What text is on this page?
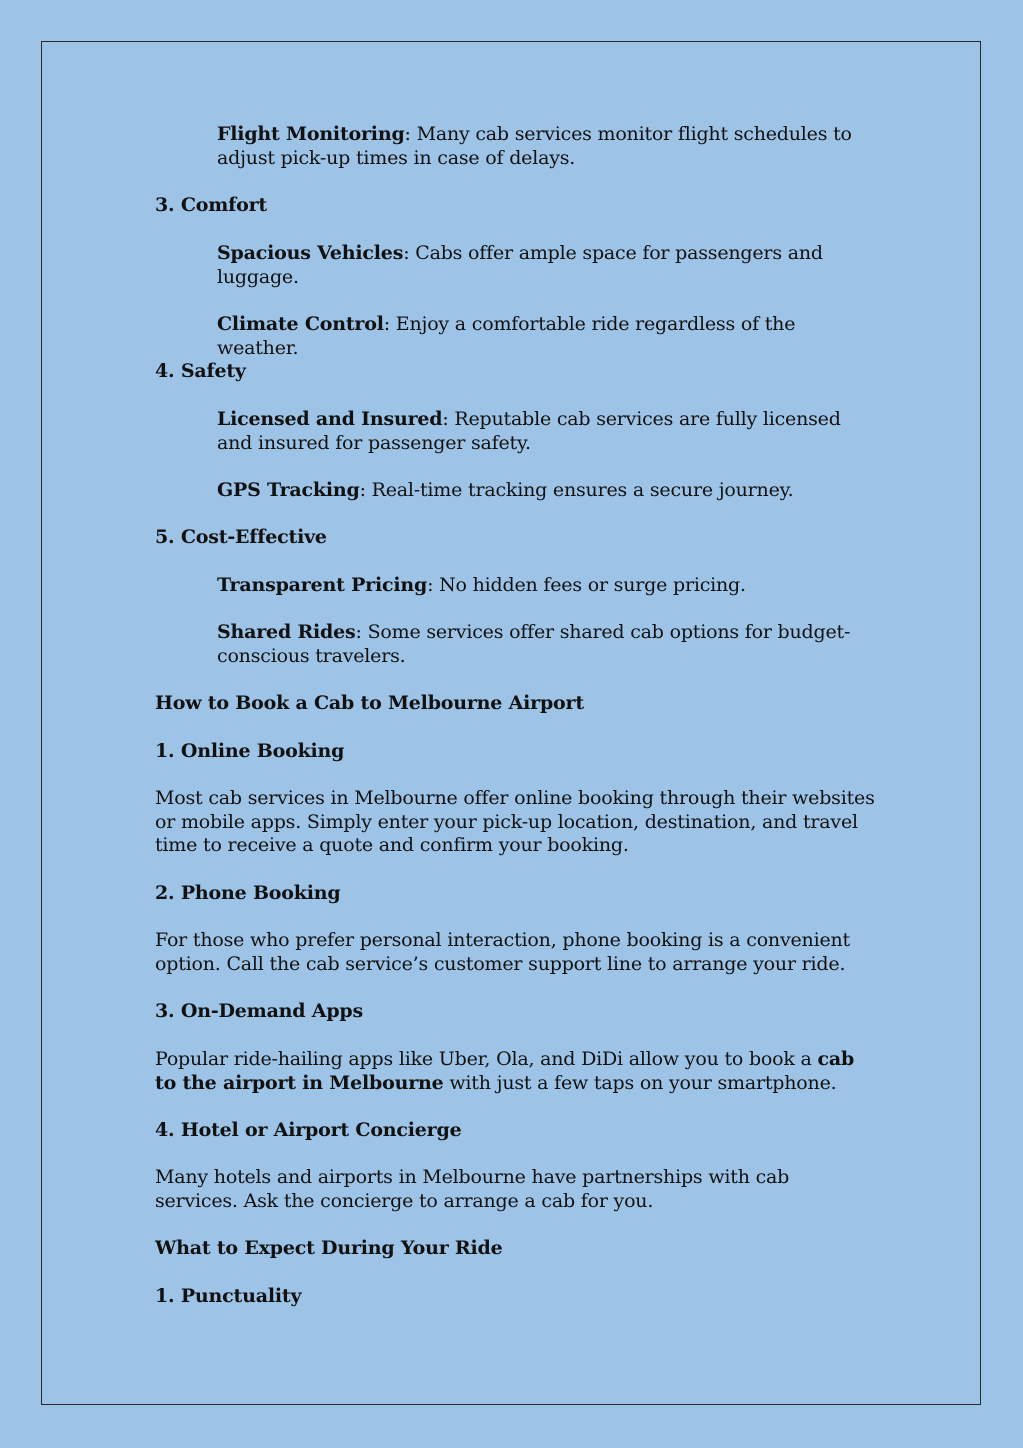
Flight Monitoring: Many cab services monitor flight schedules to adjust pick-up times in case of delays.

3. Comfort

Spacious Vehicles: Cabs offer ample space for passengers and luggage.

Climate Control: Enjoy a comfortable ride regardless of the weather.

4. Safety

Licensed and Insured: Reputable cab services are fully licensed and insured for passenger safety.

GPS Tracking: Real-time tracking ensures a secure journey.

5. Cost-Effective

Transparent Pricing: No hidden fees or surge pricing.

Shared Rides: Some services offer shared cab options for budget-conscious travelers.

How to Book a Cab to Melbourne Airport

1. Online Booking

Most cab services in Melbourne offer online booking through their websites or mobile apps. Simply enter your pick-up location, destination, and travel time to receive a quote and confirm your booking.

2. Phone Booking

For those who prefer personal interaction, phone booking is a convenient option. Call the cab service’s customer support line to arrange your ride.

3. On-Demand Apps

Popular ride-hailing apps like Uber, Ola, and DiDi allow you to book a cab to the airport in Melbourne with just a few taps on your smartphone.

4. Hotel or Airport Concierge

Many hotels and airports in Melbourne have partnerships with cab services. Ask the concierge to arrange a cab for you.

What to Expect During Your Ride

1. Punctuality
